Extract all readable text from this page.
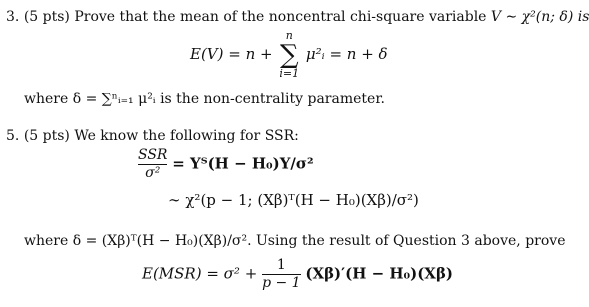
3. (5 pts) Prove that the mean of the noncentral chi-square variable V ∼ χ²(n; δ) is
E(V) = n +
n
∑
i=1
μ²ᵢ = n + δ
where δ = ∑ⁿᵢ₌₁ μ²ᵢ is the non-centrality parameter.
5. (5 pts) We know the following for SSR:
$\frac{\text{SSR}}{\text{σ²}}$ = Yᵀ(H − H₀)Y/σ²
∼ χ²(p − 1; (Xβ)ᵀ(H − H₀)(Xβ)/σ²)
where δ = (Xβ)ᵀ(H − H₀)(Xβ)/σ². Using the result of Question 3 above, prove
$E(MSR) = \sigma^2 + \frac{1}{p - 1} (X\beta)'(H - H_0)(X\beta)$
